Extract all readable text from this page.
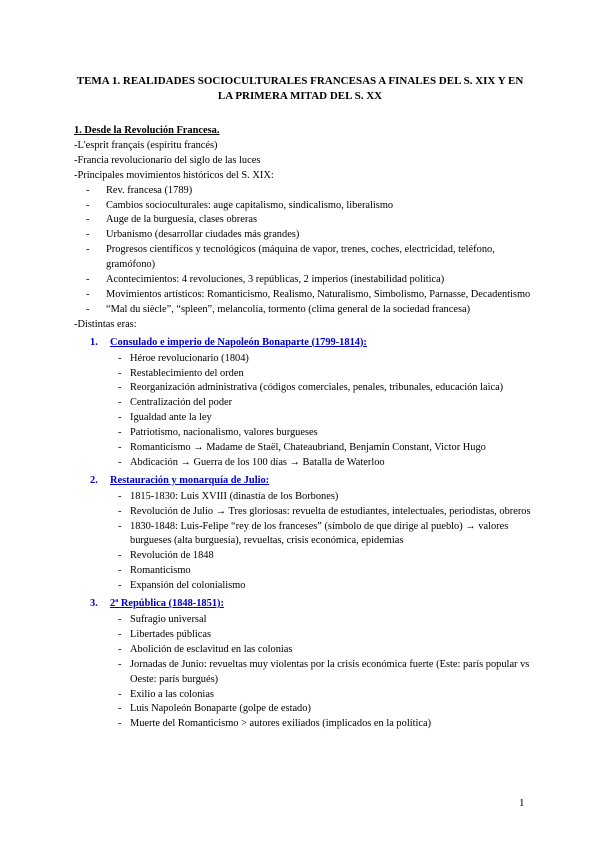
TEMA 1. REALIDADES SOCIOCULTURALES FRANCESAS A FINALES DEL S. XIX Y EN
LA PRIMERA MITAD DEL S. XX

1. Desde la Revolución Francesa.

-L'esprit français (espíritu francés)

-Francia revolucionario del siglo de las luces

-Principales movimientos históricos del S. XIX:

- Rev. francesa (1789)
- Cambios socioculturales: auge capitalismo, sindicalismo, liberalismo
- Auge de la burguesía, clases obreras
- Urbanismo (desarrollar ciudades más grandes)
- Progresos científicos y tecnológicos (máquina de vapor, trenes, coches, electricidad, teléfono, gramófono)
- Acontecimientos: 4 revoluciones, 3 repúblicas, 2 imperios (inestabilidad política)
- Movimientos artísticos: Romanticismo, Realismo, Naturalismo, Simbolismo, Parnasse, Decadentismo
- “Mal du siècle”, “spleen”, melancolía, tormento (clima general de la sociedad francesa)

-Distintas eras:

1. Consulado e imperio de Napoleón Bonaparte (1799-1814):
- Héroe revolucionario (1804)
- Restablecimiento del orden
- Reorganización administrativa (códigos comerciales, penales, tribunales, educación laica)
- Centralización del poder
- Igualdad ante la ley
- Patriotismo, nacionalismo, valores burgueses
- Romanticismo → Madame de Staël, Chateaubriand, Benjamin Constant, Victor Hugo
- Abdicación → Guerra de los 100 días → Batalla de Waterloo
2. Restauración y monarquía de Julio:
- 1815-1830: Luis XVIII (dinastía de los Borbones)
- Revolución de Julio → Tres gloriosas: revuelta de estudiantes, intelectuales, periodistas, obreros
- 1830-1848: Luis-Felipe “rey de los franceses” (símbolo de que dirige al pueblo) → valores burgueses (alta burguesía), revueltas, crisis económica, epidemias
- Revolución de 1848
- Romanticismo
- Expansión del colonialismo
3. 2ª República (1848-1851):
- Sufragio universal
- Libertades públicas
- Abolición de esclavitud en las colonias
- Jornadas de Junio: revueltas muy violentas por la crisis económica fuerte (Este: parís popular vs Oeste: parís burgués)
- Exilio a las colonias
- Luis Napoleón Bonaparte (golpe de estado)
- Muerte del Romanticismo > autores exiliados (implicados en la política)
1
